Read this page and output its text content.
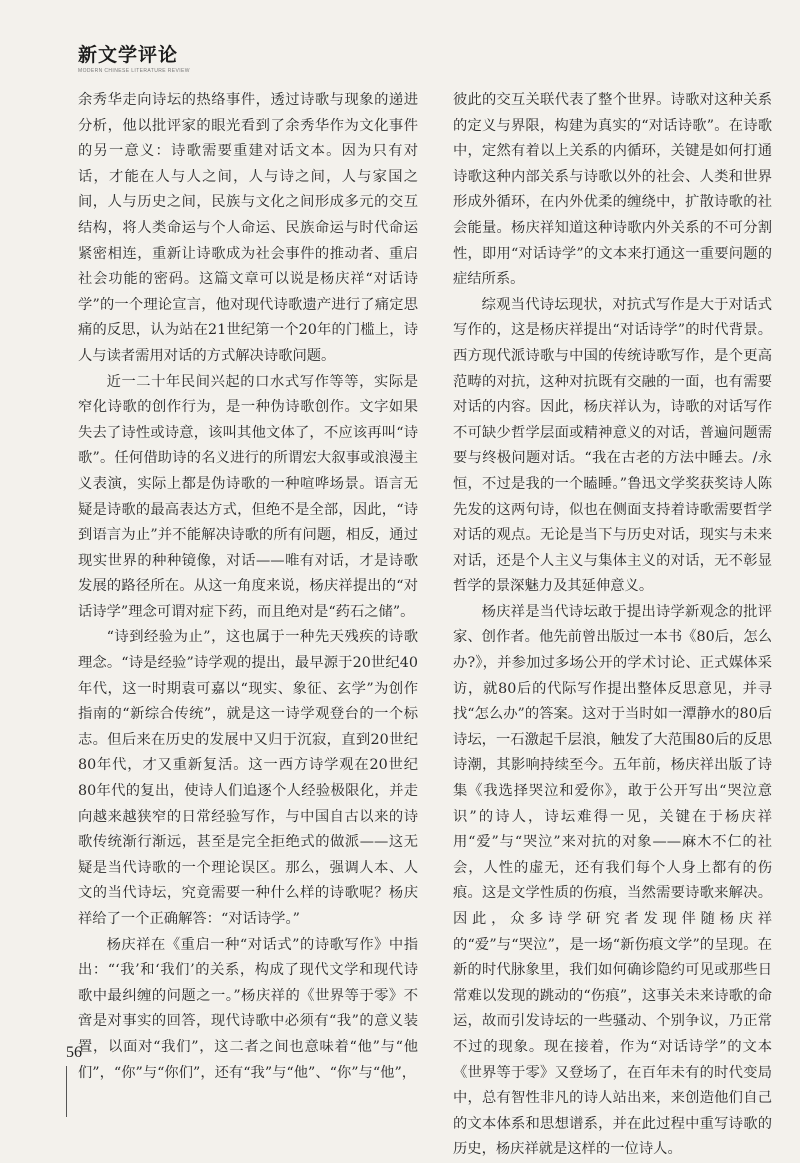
新文学评论
MODERN CHINESE LITERATURE REVIEW

余秀华走向诗坛的热络事件，透过诗歌与现象的递进分析，他以批评家的眼光看到了余秀华作为文化事件的另一意义：诗歌需要重建对话文本。因为只有对话，才能在人与人之间，人与诗之间，人与家国之间，人与历史之间，民族与文化之间形成多元的交互结构，将人类命运与个人命运、民族命运与时代命运紧密相连，重新让诗歌成为社会事件的推动者、重启社会功能的密码。这篇文章可以说是杨庆祥“对话诗学”的一个理论宣言，他对现代诗歌遗产进行了痛定思痛的反思，认为站在21世纪第一个20年的门槛上，诗人与读者需用对话的方式解决诗歌问题。

近一二十年民间兴起的口水式写作等等，实际是窄化诗歌的创作行为，是一种伪诗歌创作。文字如果失去了诗性或诗意，该叫其他文体了，不应该再叫“诗歌”。任何借助诗的名义进行的所谓宏大叙事或浪漫主义表演，实际上都是伪诗歌的一种喧哗场景。语言无疑是诗歌的最高表达方式，但绝不是全部，因此，“诗到语言为止”并不能解决诗歌的所有问题，相反，通过现实世界的种种镜像，对话——唯有对话，才是诗歌发展的路径所在。从这一角度来说，杨庆祥提出的“对话诗学”理念可谓对症下药，而且绝对是“药石之储”。

“诗到经验为止”，这也属于一种先天残疾的诗歌理念。“诗是经验”诗学观的提出，最早源于20世纪40年代，这一时期袁可嘉以“现实、象征、玄学”为创作指南的“新综合传统”，就是这一诗学观登台的一个标志。但后来在历史的发展中又归于沉寂，直到20世纪80年代，才又重新复活。这一西方诗学观在20世纪80年代的复出，使诗人们追逐个人经验极限化，并走向越来越狭窄的日常经验写作，与中国自古以来的诗歌传统渐行渐远，甚至是完全拒绝式的做派——这无疑是当代诗歌的一个理论误区。那么，强调人本、人文的当代诗坛，究竟需要一种什么样的诗歌呢？杨庆祥给了一个正确解答：“对话诗学。”

杨庆祥在《重启一种“对话式”的诗歌写作》中指出：“‘我’和‘我们’的关系，构成了现代文学和现代诗歌中最纠缠的问题之一。”杨庆祥的《世界等于零》不啻是对事实的回答，现代诗歌中必须有“我”的意义装置，以面对“我们”，这二者之间也意味着“他”与“他们”，“你”与“你们”，还有“我”与“他”、“你”与“他”，

彼此的交互关联代表了整个世界。诗歌对这种关系的定义与界限，构建为真实的“对话诗歌”。在诗歌中，定然有着以上关系的内循环，关键是如何打通诗歌这种内部关系与诗歌以外的社会、人类和世界形成外循环，在内外优柔的缠绕中，扩散诗歌的社会能量。杨庆祥知道这种诗歌内外关系的不可分割性，即用“对话诗学”的文本来打通这一重要问题的症结所系。

综观当代诗坛现状，对抗式写作是大于对话式写作的，这是杨庆祥提出“对话诗学”的时代背景。西方现代派诗歌与中国的传统诗歌写作，是个更高范畴的对抗，这种对抗既有交融的一面，也有需要对话的内容。因此，杨庆祥认为，诗歌的对话写作不可缺少哲学层面或精神意义的对话，普遍问题需要与终极问题对话。“我在古老的方法中睡去。/永恒，不过是我的一个瞌睡。”鲁迅文学奖获奖诗人陈先发的这两句诗，似也在侧面支持着诗歌需要哲学对话的观点。无论是当下与历史对话，现实与未来对话，还是个人主义与集体主义的对话，无不彰显哲学的景深魅力及其延伸意义。

杨庆祥是当代诗坛敢于提出诗学新观念的批评家、创作者。他先前曾出版过一本书《80后，怎么办?》，并参加过多场公开的学术讨论、正式媒体采访，就80后的代际写作提出整体反思意见，并寻找“怎么办”的答案。这对于当时如一潭静水的80后诗坛，一石激起千层浪，触发了大范围80后的反思诗潮，其影响持续至今。五年前，杨庆祥出版了诗集《我选择哭泣和爱你》，敢于公开写出“哭泣意识”的诗人，诗坛难得一见，关键在于杨庆祥用“爱”与“哭泣”来对抗的对象——麻木不仁的社会，人性的虚无，还有我们每个人身上都有的伤痕。这是文学性质的伤痕，当然需要诗歌来解决。因此，众多诗学研究者发现伴随杨庆祥的“爱”与“哭泣”，是一场“新伤痕文学”的呈现。在新的时代脉象里，我们如何确诊隐约可见或那些日常难以发现的跳动的“伤痕”，这事关未来诗歌的命运，故而引发诗坛的一些骚动、个别争议，乃正常不过的现象。现在接着，作为“对话诗学”的文本《世界等于零》又登场了，在百年未有的时代变局中，总有智性非凡的诗人站出来，来创造他们自己的文本体系和思想谱系，并在此过程中重写诗歌的历史，杨庆祥就是这样的一位诗人。

56
